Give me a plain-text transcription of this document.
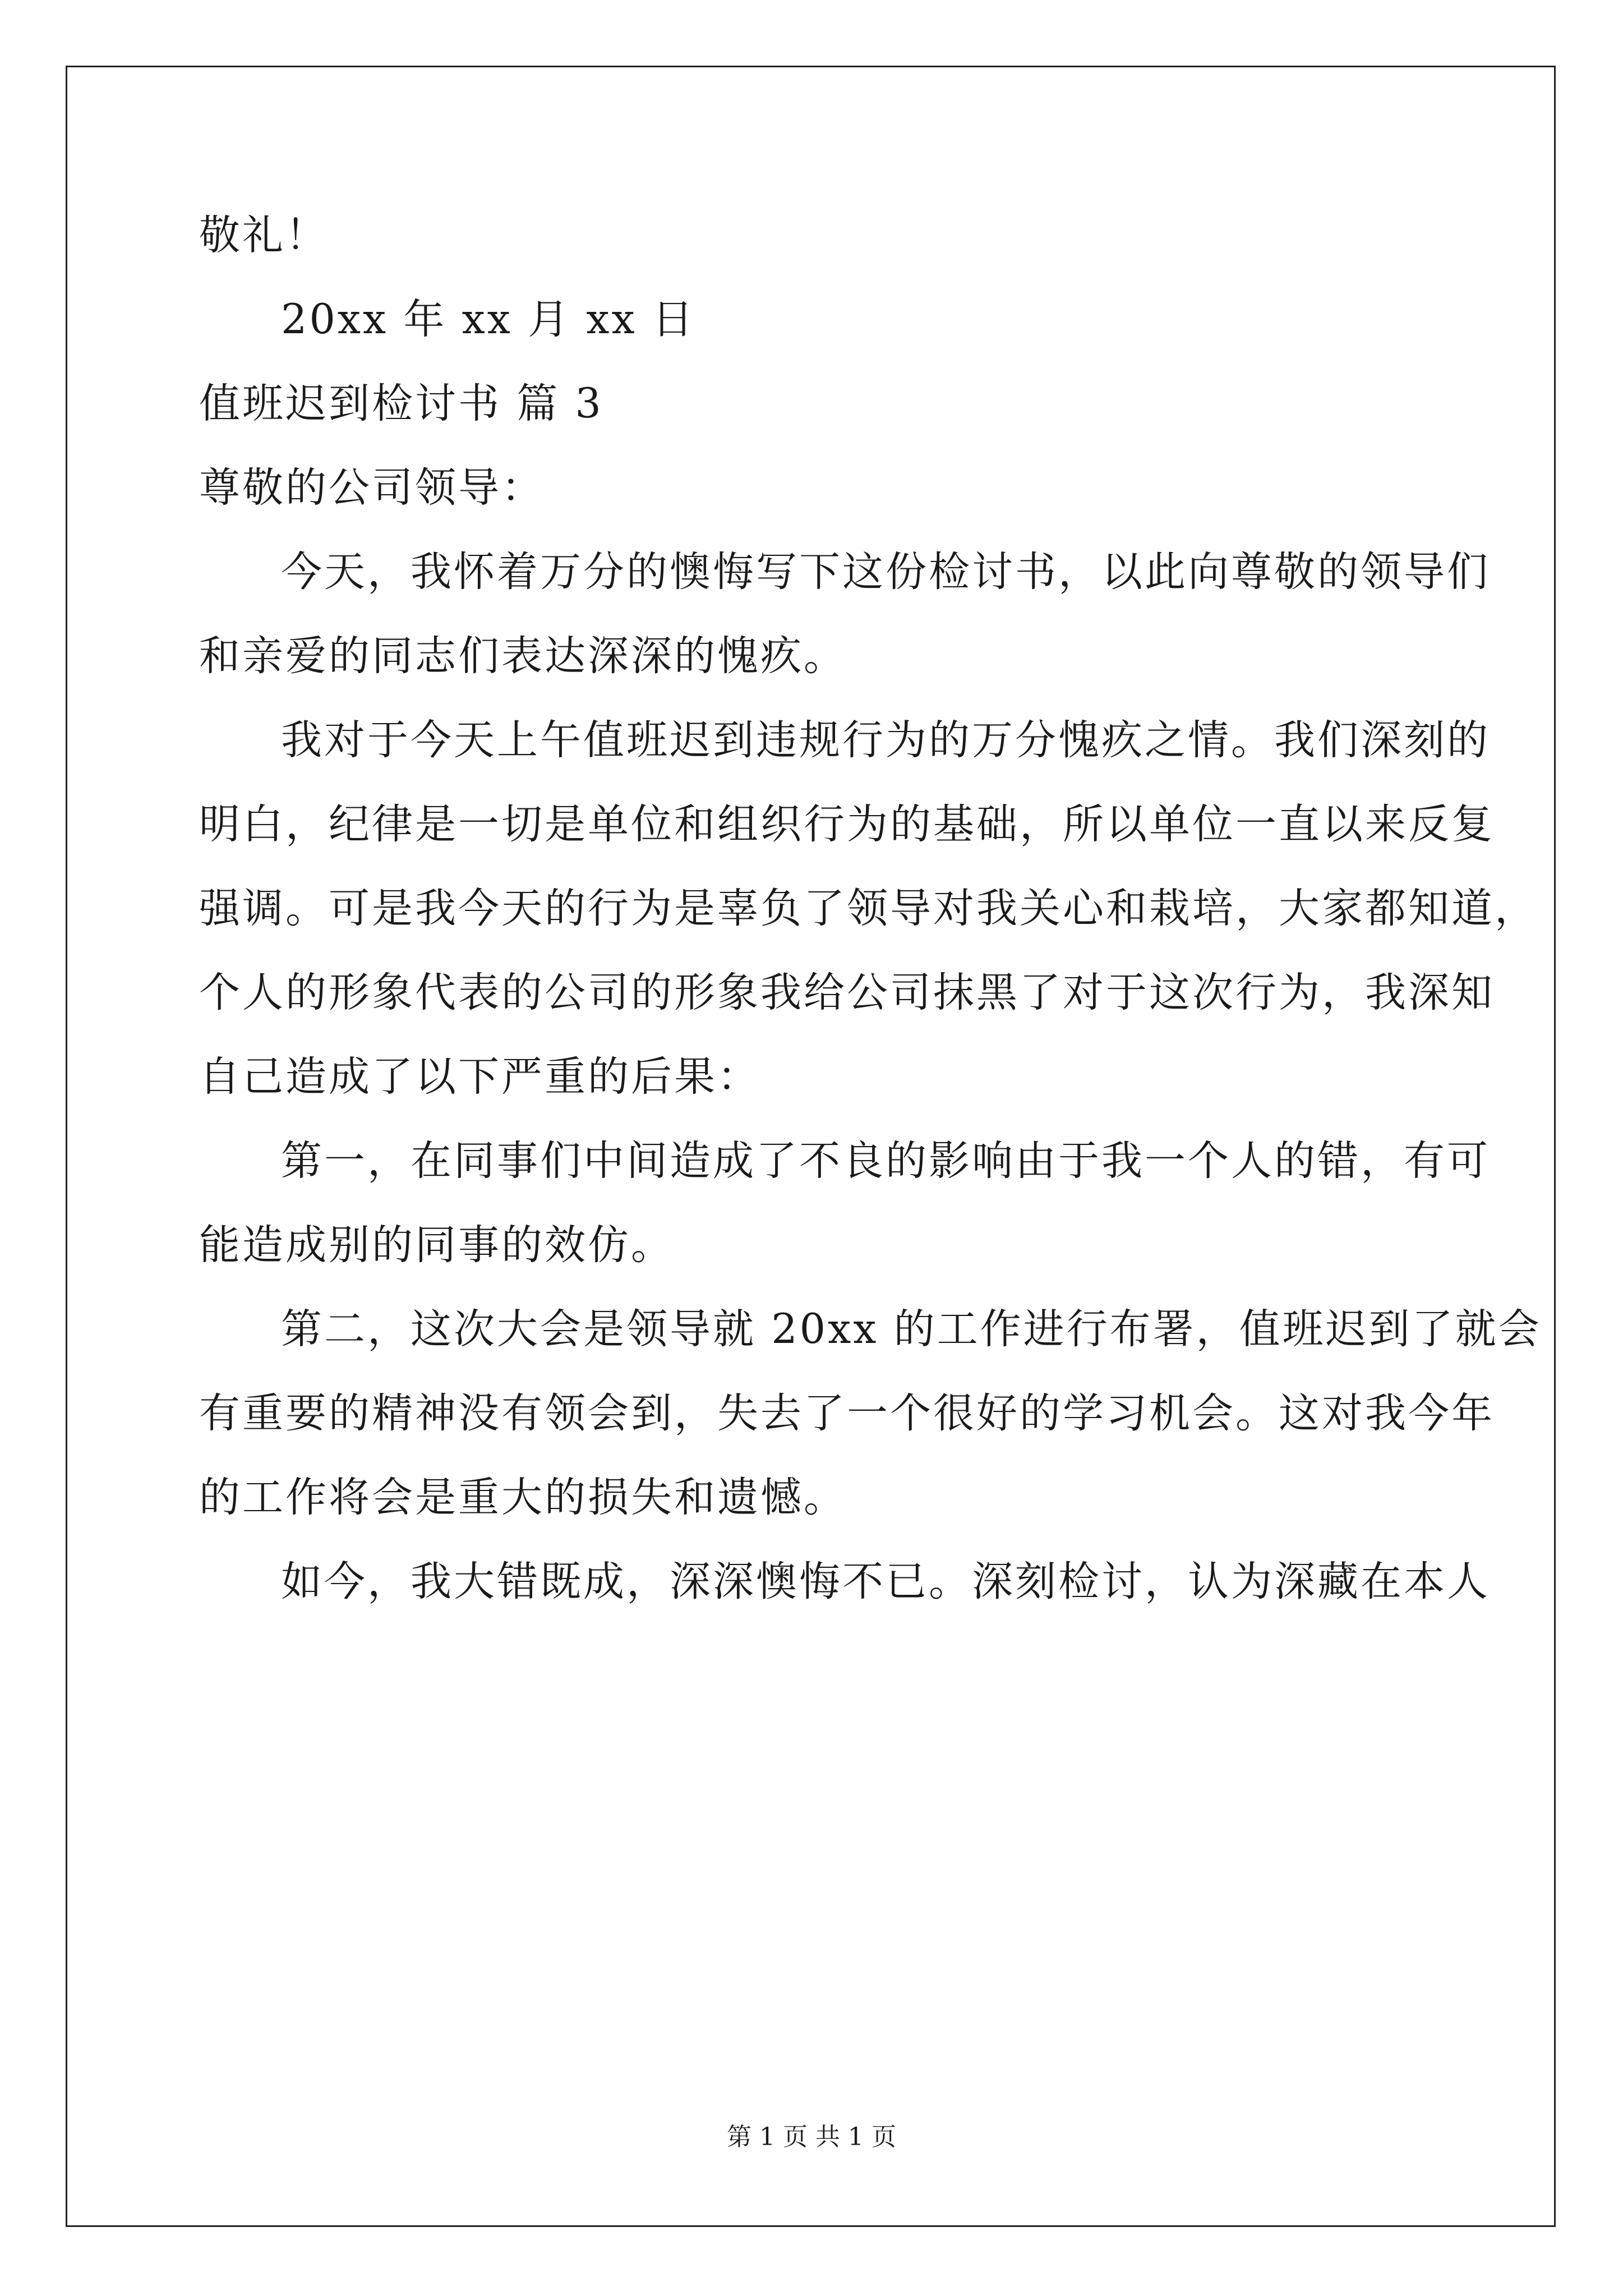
敬礼！
20xx 年 xx 月 xx 日
值班迟到检讨书 篇 3
尊敬的公司领导：
今天，我怀着万分的懊悔写下这份检讨书，以此向尊敬的领导们
和亲爱的同志们表达深深的愧疚。
我对于今天上午值班迟到违规行为的万分愧疚之情。我们深刻的
明白，纪律是一切是单位和组织行为的基础，所以单位一直以来反复
强调。可是我今天的行为是辜负了领导对我关心和栽培，大家都知道，
个人的形象代表的公司的形象我给公司抹黑了对于这次行为，我深知
自己造成了以下严重的后果：
第一，在同事们中间造成了不良的影响由于我一个人的错，有可
能造成别的同事的效仿。
第二，这次大会是领导就 20xx 的工作进行布署，值班迟到了就会
有重要的精神没有领会到，失去了一个很好的学习机会。这对我今年
的工作将会是重大的损失和遗憾。
如今，我大错既成，深深懊悔不已。深刻检讨，认为深藏在本人
第 1 页 共 1 页
